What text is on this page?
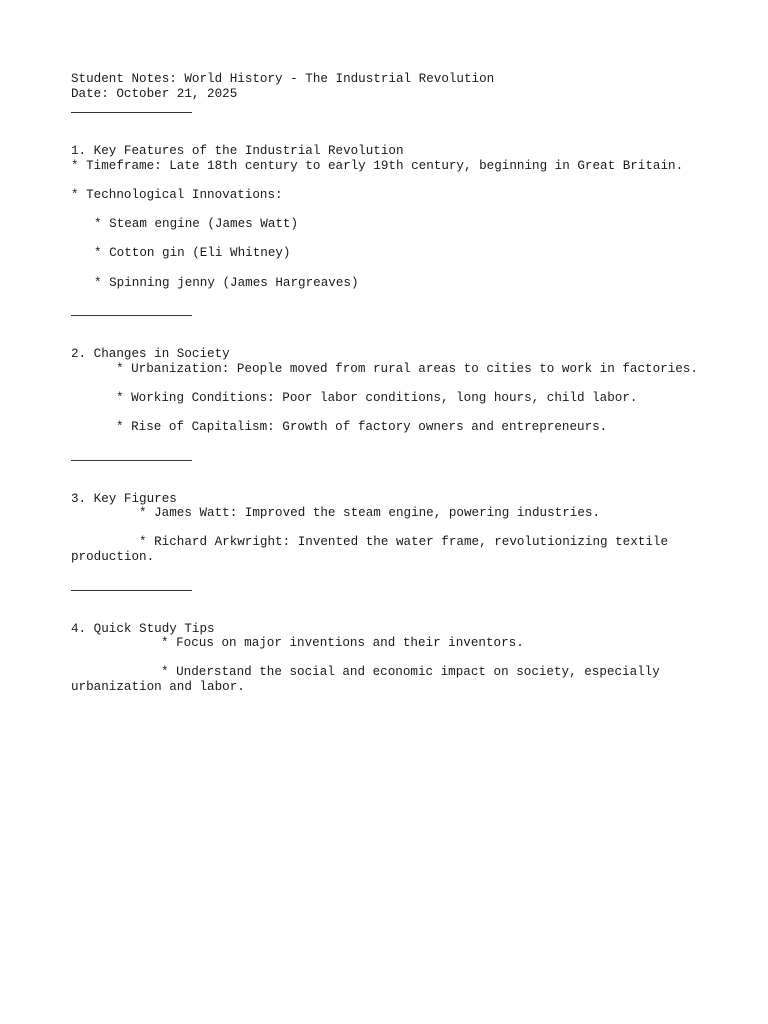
Student Notes: World History - The Industrial Revolution
Date: October 21, 2025
1. Key Features of the Industrial Revolution
* Timeframe: Late 18th century to early 19th century, beginning in Great Britain.
* Technological Innovations:
* Steam engine (James Watt)
* Cotton gin (Eli Whitney)
* Spinning jenny (James Hargreaves)
2. Changes in Society
* Urbanization: People moved from rural areas to cities to work in factories.
* Working Conditions: Poor labor conditions, long hours, child labor.
* Rise of Capitalism: Growth of factory owners and entrepreneurs.
3. Key Figures
* James Watt: Improved the steam engine, powering industries.
* Richard Arkwright: Invented the water frame, revolutionizing textile
production.
4. Quick Study Tips
* Focus on major inventions and their inventors.
* Understand the social and economic impact on society, especially
urbanization and labor.
